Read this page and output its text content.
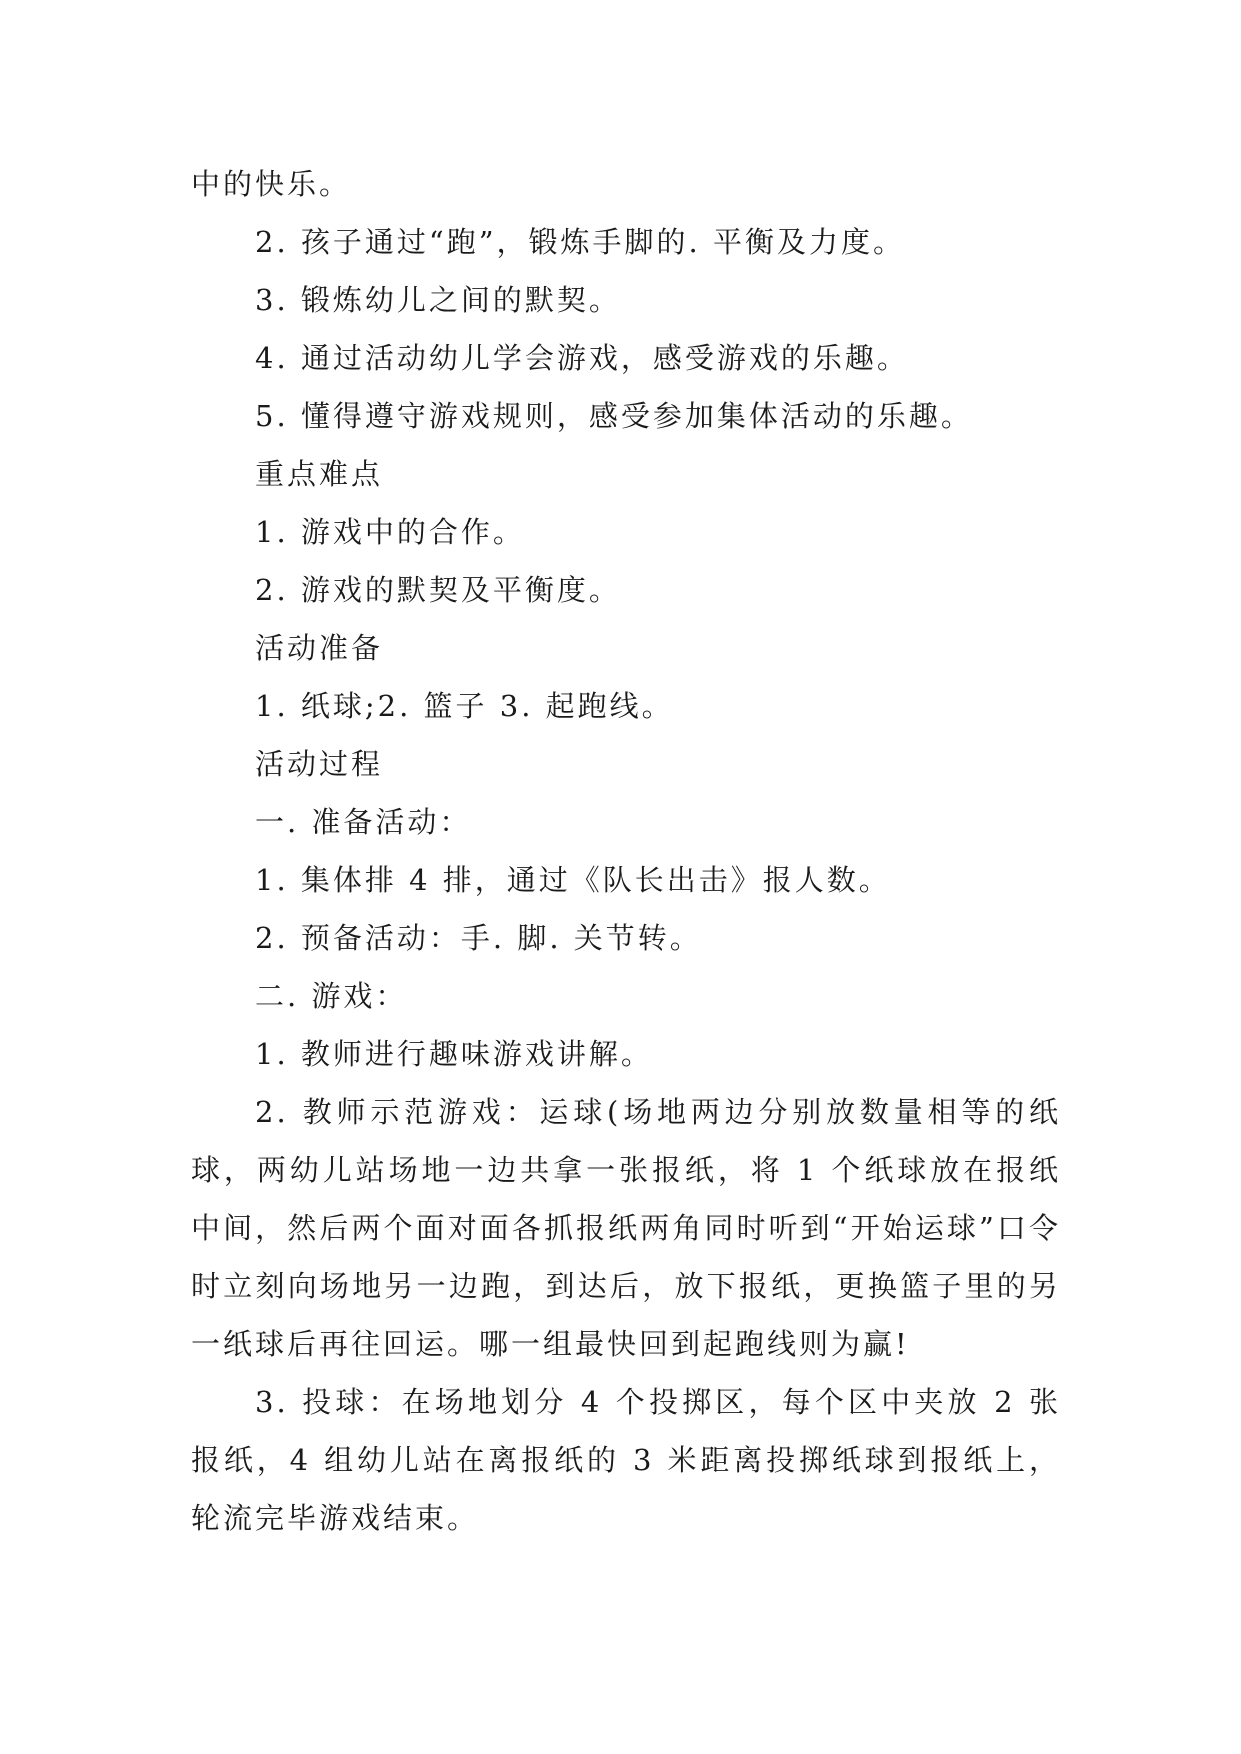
中的快乐。

2. 孩子通过“跑”，锻炼手脚的. 平衡及力度。

3. 锻炼幼儿之间的默契。

4. 通过活动幼儿学会游戏，感受游戏的乐趣。

5. 懂得遵守游戏规则，感受参加集体活动的乐趣。

重点难点

1. 游戏中的合作。

2. 游戏的默契及平衡度。

活动准备

1. 纸球;2. 篮子 3. 起跑线。

活动过程

一. 准备活动：

1. 集体排 4 排，通过《队长出击》报人数。

2. 预备活动：手. 脚. 关节转。

二. 游戏：

1. 教师进行趣味游戏讲解。

2. 教师示范游戏：运球(场地两边分别放数量相等的纸球，两幼儿站场地一边共拿一张报纸，将 1 个纸球放在报纸中间，然后两个面对面各抓报纸两角同时听到“开始运球”口令时立刻向场地另一边跑，到达后，放下报纸，更换篮子里的另一纸球后再往回运。哪一组最快回到起跑线则为赢!

3. 投球：在场地划分 4 个投掷区，每个区中夹放 2 张报纸，4 组幼儿站在离报纸的 3 米距离投掷纸球到报纸上，轮流完毕游戏结束。
